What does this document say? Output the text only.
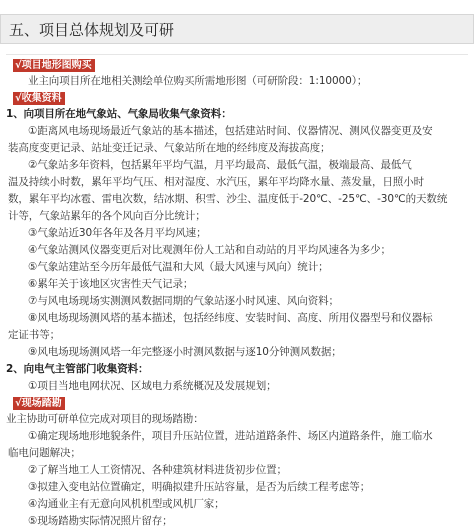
五、项目总体规划及可研
√项目地形图购买
业主向项目所在地相关测绘单位购买所需地形图（可研阶段：1:10000）；
√收集资料
1、向项目所在地气象站、气象局收集气象资料：
①距离风电场现场最近气象站的基本描述，包括建站时间、仪器情况、测风仪器变更及安
装高度变更记录、站址变迁记录、气象站所在地的经纬度及海拔高度；
②气象站多年资料，包括累年平均气温，月平均最高、最低气温，极端最高、最低气
温及持续小时数，累年平均气压、相对湿度、水汽压，累年平均降水量、蒸发量，日照小时
数，累年平均冰雹、雷电次数，结冰期、积雪、沙尘、温度低于-20℃、-25℃、-30℃的天数统
计等，气象站累年的各个风向百分比统计；
③气象站近30年各年及各月平均风速；
④气象站测风仪器变更后对比观测年份人工站和自动站的月平均风速各为多少；
⑤气象站建站至今历年最低气温和大风（最大风速与风向）统计；
⑥累年关于该地区灾害性天气记录；
⑦与风电场现场实测测风数据同期的气象站逐小时风速、风向资料；
⑧风电场现场测风塔的基本描述，包括经纬度、安装时间、高度、所用仪器型号和仪器标
定证书等；
⑨风电场现场测风塔一年完整逐小时测风数据与逐10分钟测风数据；
2、向电气主管部门收集资料：
①项目当地电网状况、区域电力系统概况及发展规划；
√现场踏勘
业主协助可研单位完成对项目的现场踏勘：
①确定现场地形地貌条件，项目升压站位置，进站道路条件、场区内道路条件，施工临水
临电问题解决；
②了解当地工人工资情况、各种建筑材料进货初步位置；
③拟建入变电站位置确定，明确拟建升压站容量，是否为后续工程考虑等；
④沟通业主有无意向风机机型或风机厂家；
⑤现场踏勘实际情况照片留存；
